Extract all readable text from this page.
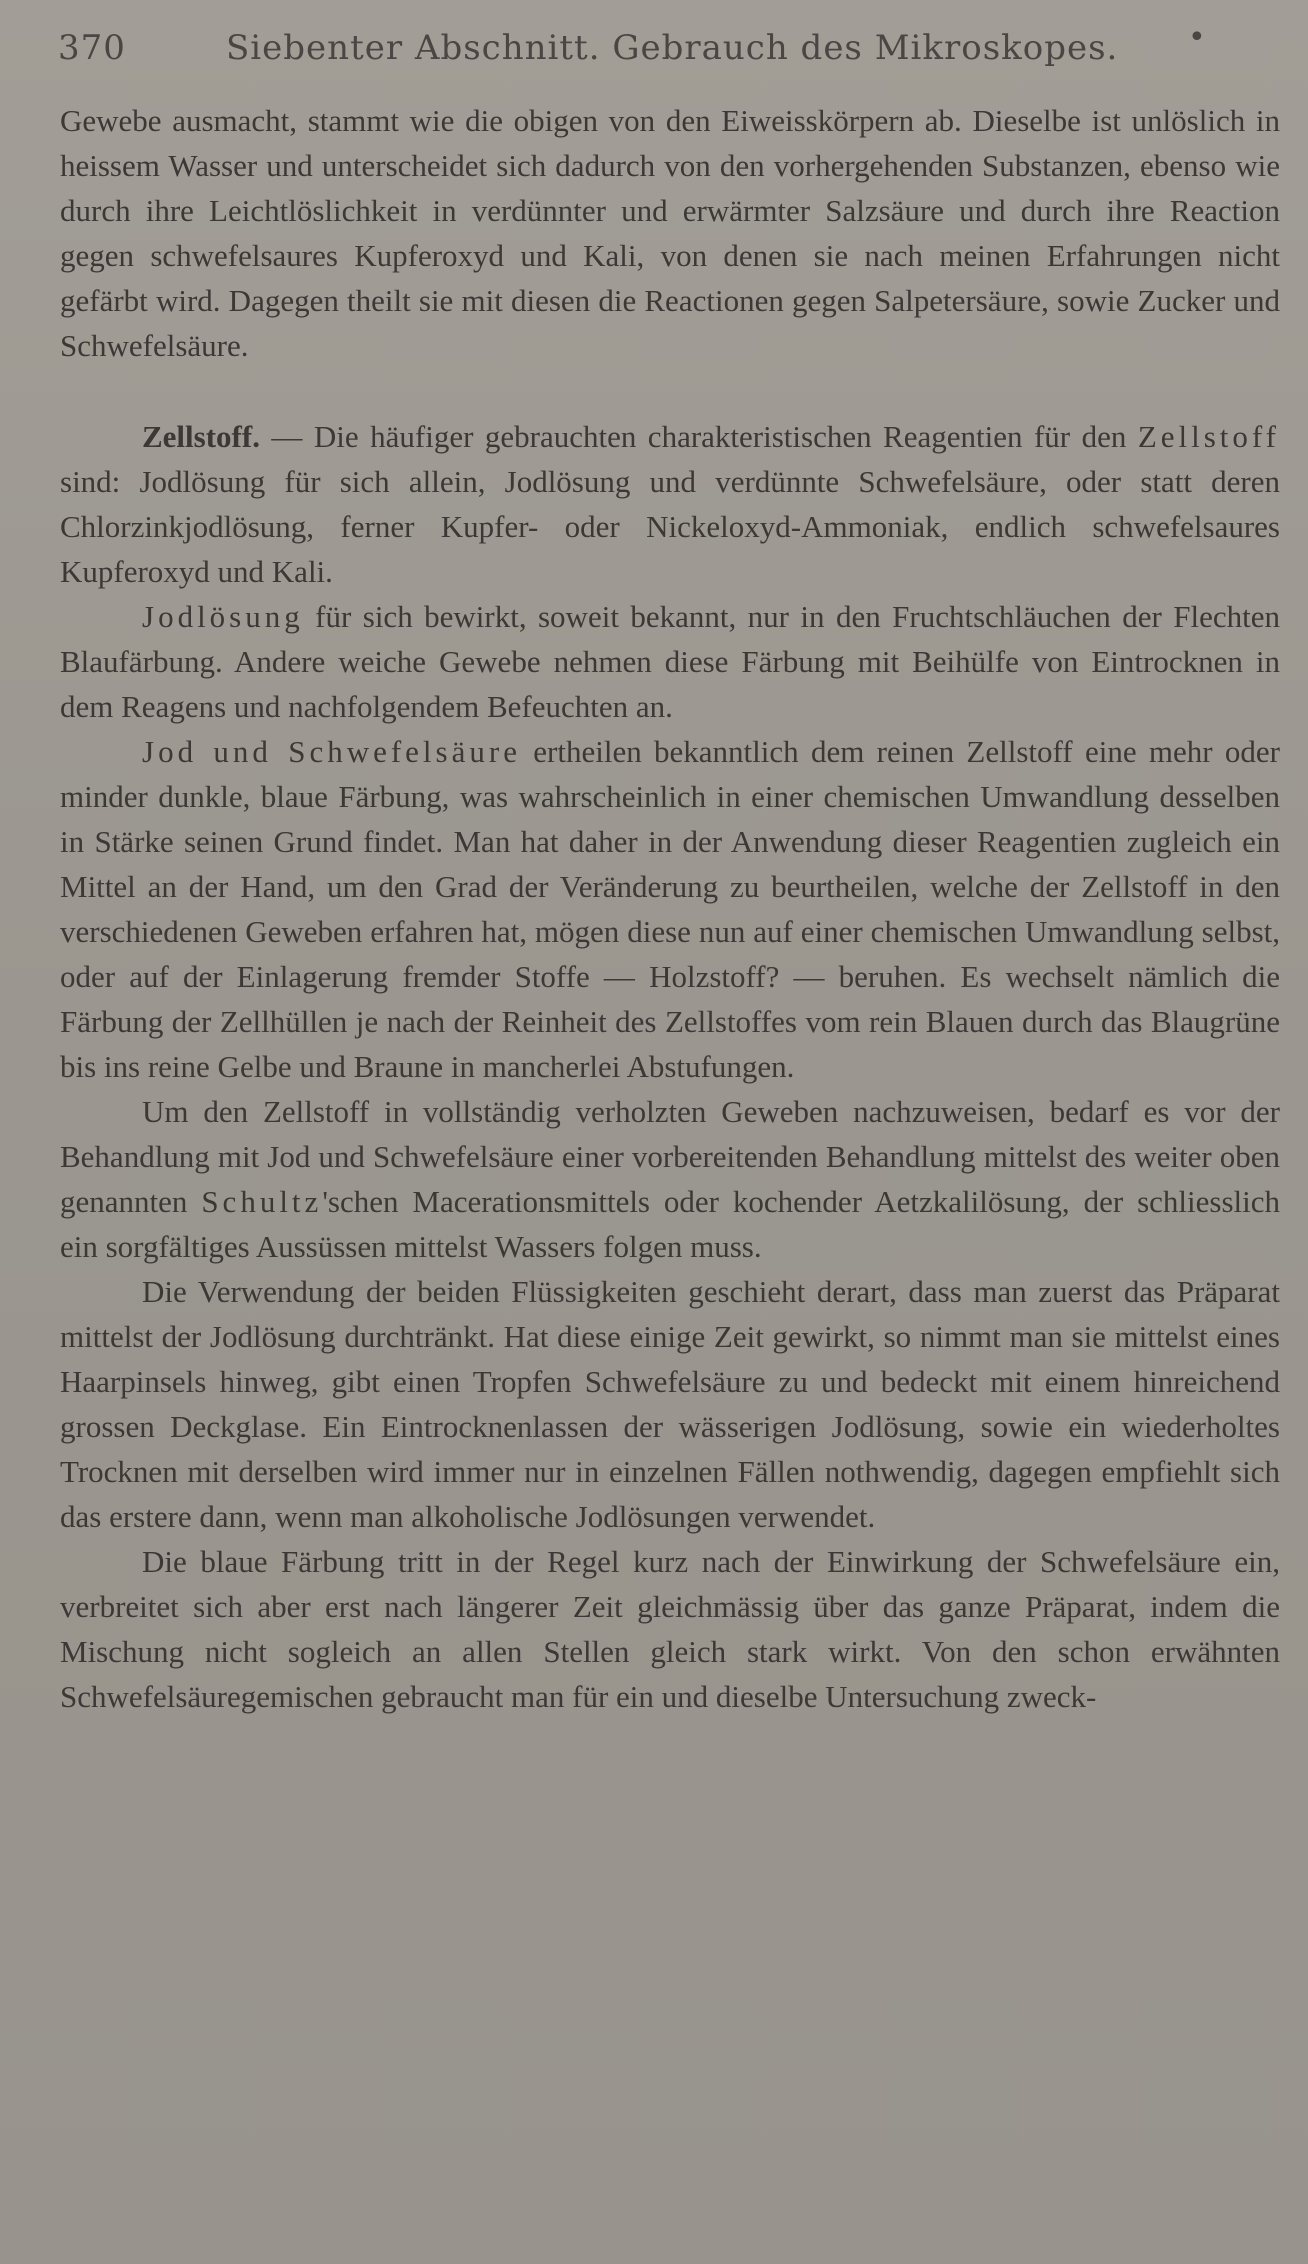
370	Siebenter Abschnitt. Gebrauch des Mikroskopes. •

Gewebe ausmacht, stammt wie die obigen von den Eiweisskörpern ab. Dieselbe ist unlöslich in heissem Wasser und unterscheidet sich dadurch von den vorhergehenden Substanzen, ebenso wie durch ihre Leichtlöslichkeit in verdünnter und erwärmter Salzsäure und durch ihre Reaction gegen schwefelsaures Kupferoxyd und Kali, von denen sie nach meinen Erfahrungen nicht gefärbt wird. Dagegen theilt sie mit diesen die Reactionen gegen Salpetersäure, sowie Zucker und Schwefelsäure.

Zellstoff. — Die häufiger gebrauchten charakteristischen Reagentien für den Zellstoff sind: Jodlösung für sich allein, Jodlösung und verdünnte Schwefelsäure, oder statt deren Chlorzinkjodlösung, ferner Kupfer- oder Nickeloxyd-Ammoniak, endlich schwefelsaures Kupferoxyd und Kali.

Jodlösung für sich bewirkt, soweit bekannt, nur in den Fruchtschläuchen der Flechten Blaufärbung. Andere weiche Gewebe nehmen diese Färbung mit Beihülfe von Eintrocknen in dem Reagens und nachfolgendem Befeuchten an.

Jod und Schwefelsäure ertheilen bekanntlich dem reinen Zellstoff eine mehr oder minder dunkle, blaue Färbung, was wahrscheinlich in einer chemischen Umwandlung desselben in Stärke seinen Grund findet. Man hat daher in der Anwendung dieser Reagentien zugleich ein Mittel an der Hand, um den Grad der Veränderung zu beurtheilen, welche der Zellstoff in den verschiedenen Geweben erfahren hat, mögen diese nun auf einer chemischen Umwandlung selbst, oder auf der Einlagerung fremder Stoffe — Holzstoff? — beruhen. Es wechselt nämlich die Färbung der Zellhüllen je nach der Reinheit des Zellstoffes vom rein Blauen durch das Blaugrüne bis ins reine Gelbe und Braune in mancherlei Abstufungen.

Um den Zellstoff in vollständig verholzten Geweben nachzuweisen, bedarf es vor der Behandlung mit Jod und Schwefelsäure einer vorbereitenden Behandlung mittelst des weiter oben genannten Schultz'schen Macerationsmittels oder kochender Aetzkalilösung, der schliesslich ein sorgfältiges Aussüssen mittelst Wassers folgen muss.

Die Verwendung der beiden Flüssigkeiten geschieht derart, dass man zuerst das Präparat mittelst der Jodlösung durchtränkt. Hat diese einige Zeit gewirkt, so nimmt man sie mittelst eines Haarpinsels hinweg, gibt einen Tropfen Schwefelsäure zu und bedeckt mit einem hinreichend grossen Deckglase. Ein Eintrocknenlassen der wässerigen Jodlösung, sowie ein wiederholtes Trocknen mit derselben wird immer nur in einzelnen Fällen nothwendig, dagegen empfiehlt sich das erstere dann, wenn man alkoholische Jodlösungen verwendet.

Die blaue Färbung tritt in der Regel kurz nach der Einwirkung der Schwefelsäure ein, verbreitet sich aber erst nach längerer Zeit gleichmässig über das ganze Präparat, indem die Mischung nicht sogleich an allen Stellen gleich stark wirkt. Von den schon erwähnten Schwefelsäuregemischen gebraucht man für ein und dieselbe Untersuchung zweck-
